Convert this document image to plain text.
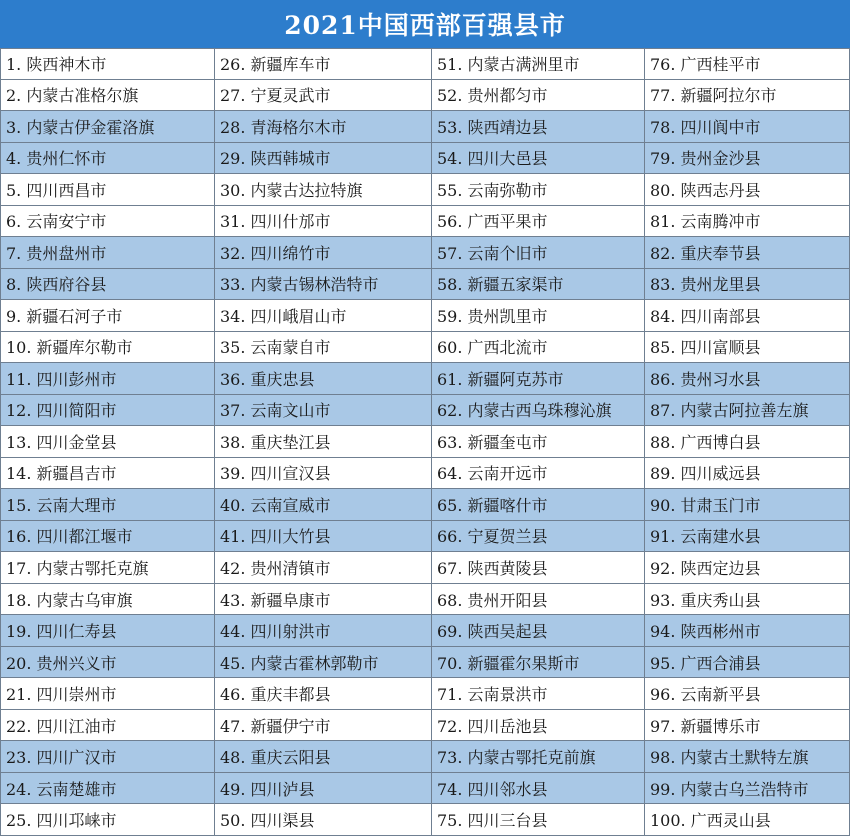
2021中国西部百强县市
1. 陕西神木市
2. 内蒙古准格尔旗
3. 内蒙古伊金霍洛旗
4. 贵州仁怀市
5. 四川西昌市
6. 云南安宁市
7. 贵州盘州市
8. 陕西府谷县
9. 新疆石河子市
10. 新疆库尔勒市
11. 四川彭州市
12. 四川简阳市
13. 四川金堂县
14. 新疆昌吉市
15. 云南大理市
16. 四川都江堰市
17. 内蒙古鄂托克旗
18. 内蒙古乌审旗
19. 四川仁寿县
20. 贵州兴义市
21. 四川崇州市
22. 四川江油市
23. 四川广汉市
24. 云南楚雄市
25. 四川邛崃市
26. 新疆库车市
27. 宁夏灵武市
28. 青海格尔木市
29. 陕西韩城市
30. 内蒙古达拉特旗
31. 四川什邡市
32. 四川绵竹市
33. 内蒙古锡林浩特市
34. 四川峨眉山市
35. 云南蒙自市
36. 重庆忠县
37. 云南文山市
38. 重庆垫江县
39. 四川宣汉县
40. 云南宣威市
41. 四川大竹县
42. 贵州清镇市
43. 新疆阜康市
44. 四川射洪市
45. 内蒙古霍林郭勒市
46. 重庆丰都县
47. 新疆伊宁市
48. 重庆云阳县
49. 四川泸县
50. 四川渠县
51. 内蒙古满洲里市
52. 贵州都匀市
53. 陕西靖边县
54. 四川大邑县
55. 云南弥勒市
56. 广西平果市
57. 云南个旧市
58. 新疆五家渠市
59. 贵州凯里市
60. 广西北流市
61. 新疆阿克苏市
62. 内蒙古西乌珠穆沁旗
63. 新疆奎屯市
64. 云南开远市
65. 新疆喀什市
66. 宁夏贺兰县
67. 陕西黄陵县
68. 贵州开阳县
69. 陕西吴起县
70. 新疆霍尔果斯市
71. 云南景洪市
72. 四川岳池县
73. 内蒙古鄂托克前旗
74. 四川邻水县
75. 四川三台县
76. 广西桂平市
77. 新疆阿拉尔市
78. 四川阆中市
79. 贵州金沙县
80. 陕西志丹县
81. 云南腾冲市
82. 重庆奉节县
83. 贵州龙里县
84. 四川南部县
85. 四川富顺县
86. 贵州习水县
87. 内蒙古阿拉善左旗
88. 广西博白县
89. 四川威远县
90. 甘肃玉门市
91. 云南建水县
92. 陕西定边县
93. 重庆秀山县
94. 陕西彬州市
95. 广西合浦县
96. 云南新平县
97. 新疆博乐市
98. 内蒙古土默特左旗
99. 内蒙古乌兰浩特市
100. 广西灵山县
